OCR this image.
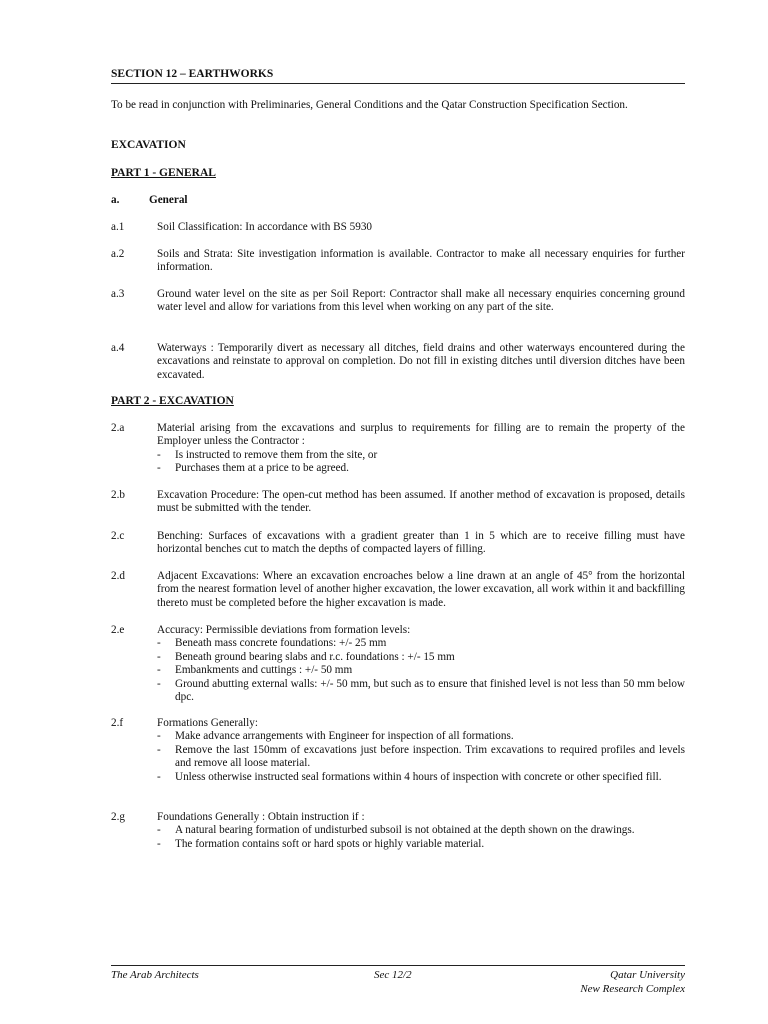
SECTION 12 – EARTHWORKS
To be read in conjunction with Preliminaries, General Conditions and the Qatar Construction Specification Section.
EXCAVATION
PART 1 - GENERAL
a.	General
a.1	Soil Classification: In accordance with BS 5930

a.2	Soils and Strata: Site investigation information is available. Contractor to make all necessary enquiries for further information.

a.3	Ground water level on the site as per Soil Report: Contractor shall make all necessary enquiries concerning ground water level and allow for variations from this level when working on any part of the site.

a.4	Waterways : Temporarily divert as necessary all ditches, field drains and other waterways encountered during the excavations and reinstate to approval on completion. Do not fill in existing ditches until diversion ditches have been excavated.

PART 2 - EXCAVATION
2.a	Material arising from the excavations and surplus to requirements for filling are to remain the property of the Employer unless the Contractor :

-	Is instructed to remove them from the site, or
-	Purchases them at a price to be agreed.
2.b	Excavation Procedure: The open-cut method has been assumed. If another method of excavation is proposed, details must be submitted with the tender.

2.c	Benching: Surfaces of excavations with a gradient greater than 1 in 5 which are to receive filling must have horizontal benches cut to match the depths of compacted layers of filling.

2.d	Adjacent Excavations: Where an excavation encroaches below a line drawn at an angle of 45° from the horizontal from the nearest formation level of another higher excavation, the lower excavation, all work within it and backfilling thereto must be completed before the higher excavation is made.

2.e	Accuracy: Permissible deviations from formation levels:

-	Beneath mass concrete foundations: +/- 25 mm
-	Beneath ground bearing slabs and r.c. foundations : +/- 15 mm
-	Embankments and cuttings : +/- 50 mm
-	Ground abutting external walls: +/- 50 mm, but such as to ensure that finished level is not less than 50 mm below dpc.
2.f	Formations Generally:

-	Make advance arrangements with Engineer for inspection of all formations.
-	Remove the last 150mm of excavations just before inspection. Trim excavations to required profiles and levels and remove all loose material.
-	Unless otherwise instructed seal formations within 4 hours of inspection with concrete or other specified fill.
2.g	Foundations Generally : Obtain instruction if :

-	A natural bearing formation of undisturbed subsoil is not obtained at the depth shown on the drawings.
-	The formation contains soft or hard spots or highly variable material.
The Arab Architects	Sec 12/2	Qatar University
New Research Complex
